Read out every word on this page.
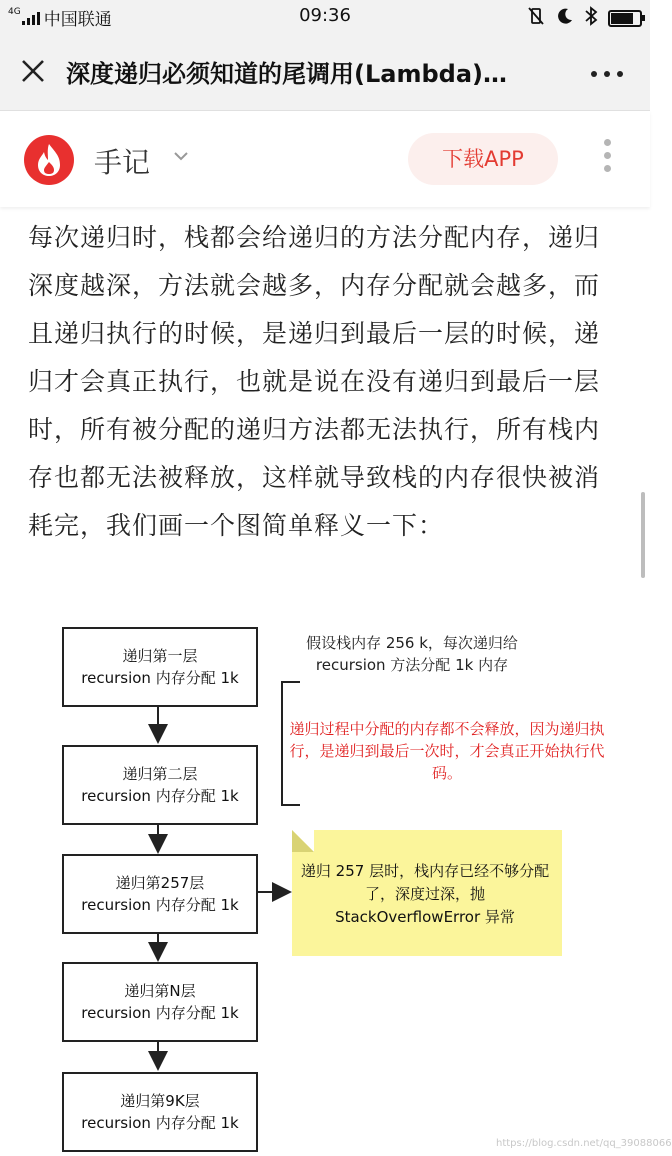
4G 中国联通	09:36
深度递归必须知道的尾调用(Lambda)…
手记	下载APP
每次递归时，栈都会给递归的方法分配内存，递归深度越深，方法就会越多，内存分配就会越多，而且递归执行的时候，是递归到最后一层的时候，递归才会真正执行，也就是说在没有递归到最后一层时，所有被分配的递归方法都无法执行，所有栈内存也都无法被释放，这样就导致栈的内存很快被消耗完，我们画一个图简单释义一下：
递归第一层
recursion 内存分配 1k
递归第二层
recursion 内存分配 1k
递归第257层
recursion 内存分配 1k
递归第N层
recursion 内存分配 1k
递归第9K层
recursion 内存分配 1k
假设栈内存 256 k，每次递归给recursion 方法分配 1k 内存
递归过程中分配的内存都不会释放，因为递归执行，是递归到最后一次时，才会真正开始执行代码。
递归 257 层时，栈内存已经不够分配了，深度过深，抛 StackOverflowError 异常
https://blog.csdn.net/qq_39088066
